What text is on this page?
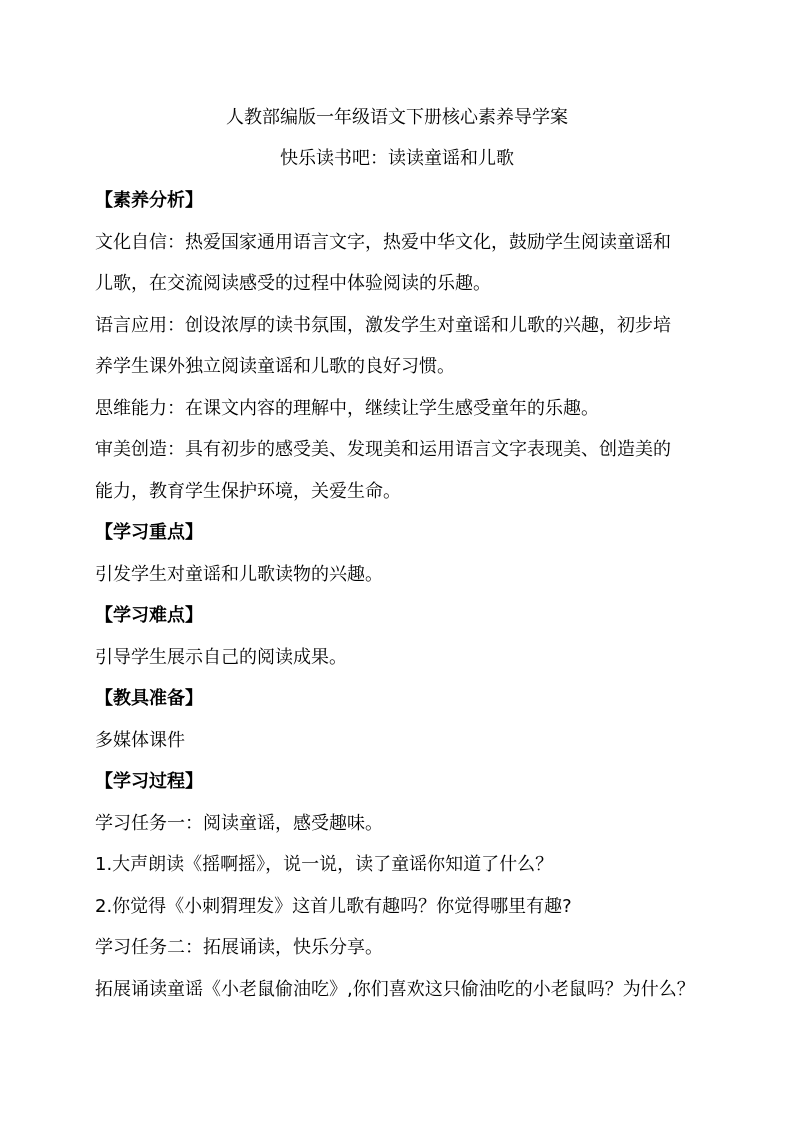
人教部编版一年级语文下册核心素养导学案
快乐读书吧：读读童谣和儿歌
【素养分析】
文化自信：热爱国家通用语言文字，热爱中华文化，鼓励学生阅读童谣和
儿歌，在交流阅读感受的过程中体验阅读的乐趣。
语言应用：创设浓厚的读书氛围，激发学生对童谣和儿歌的兴趣，初步培
养学生课外独立阅读童谣和儿歌的良好习惯。
思维能力：在课文内容的理解中，继续让学生感受童年的乐趣。
审美创造：具有初步的感受美、发现美和运用语言文字表现美、创造美的
能力，教育学生保护环境，关爱生命。
【学习重点】
引发学生对童谣和儿歌读物的兴趣。
【学习难点】
引导学生展示自己的阅读成果。
【教具准备】
多媒体课件
【学习过程】
学习任务一：阅读童谣，感受趣味。
1.大声朗读《摇啊摇》，说一说，读了童谣你知道了什么？
2.你觉得《小刺猬理发》这首儿歌有趣吗？你觉得哪里有趣?
学习任务二：拓展诵读，快乐分享。
拓展诵读童谣《小老鼠偷油吃》,你们喜欢这只偷油吃的小老鼠吗？为什么？
